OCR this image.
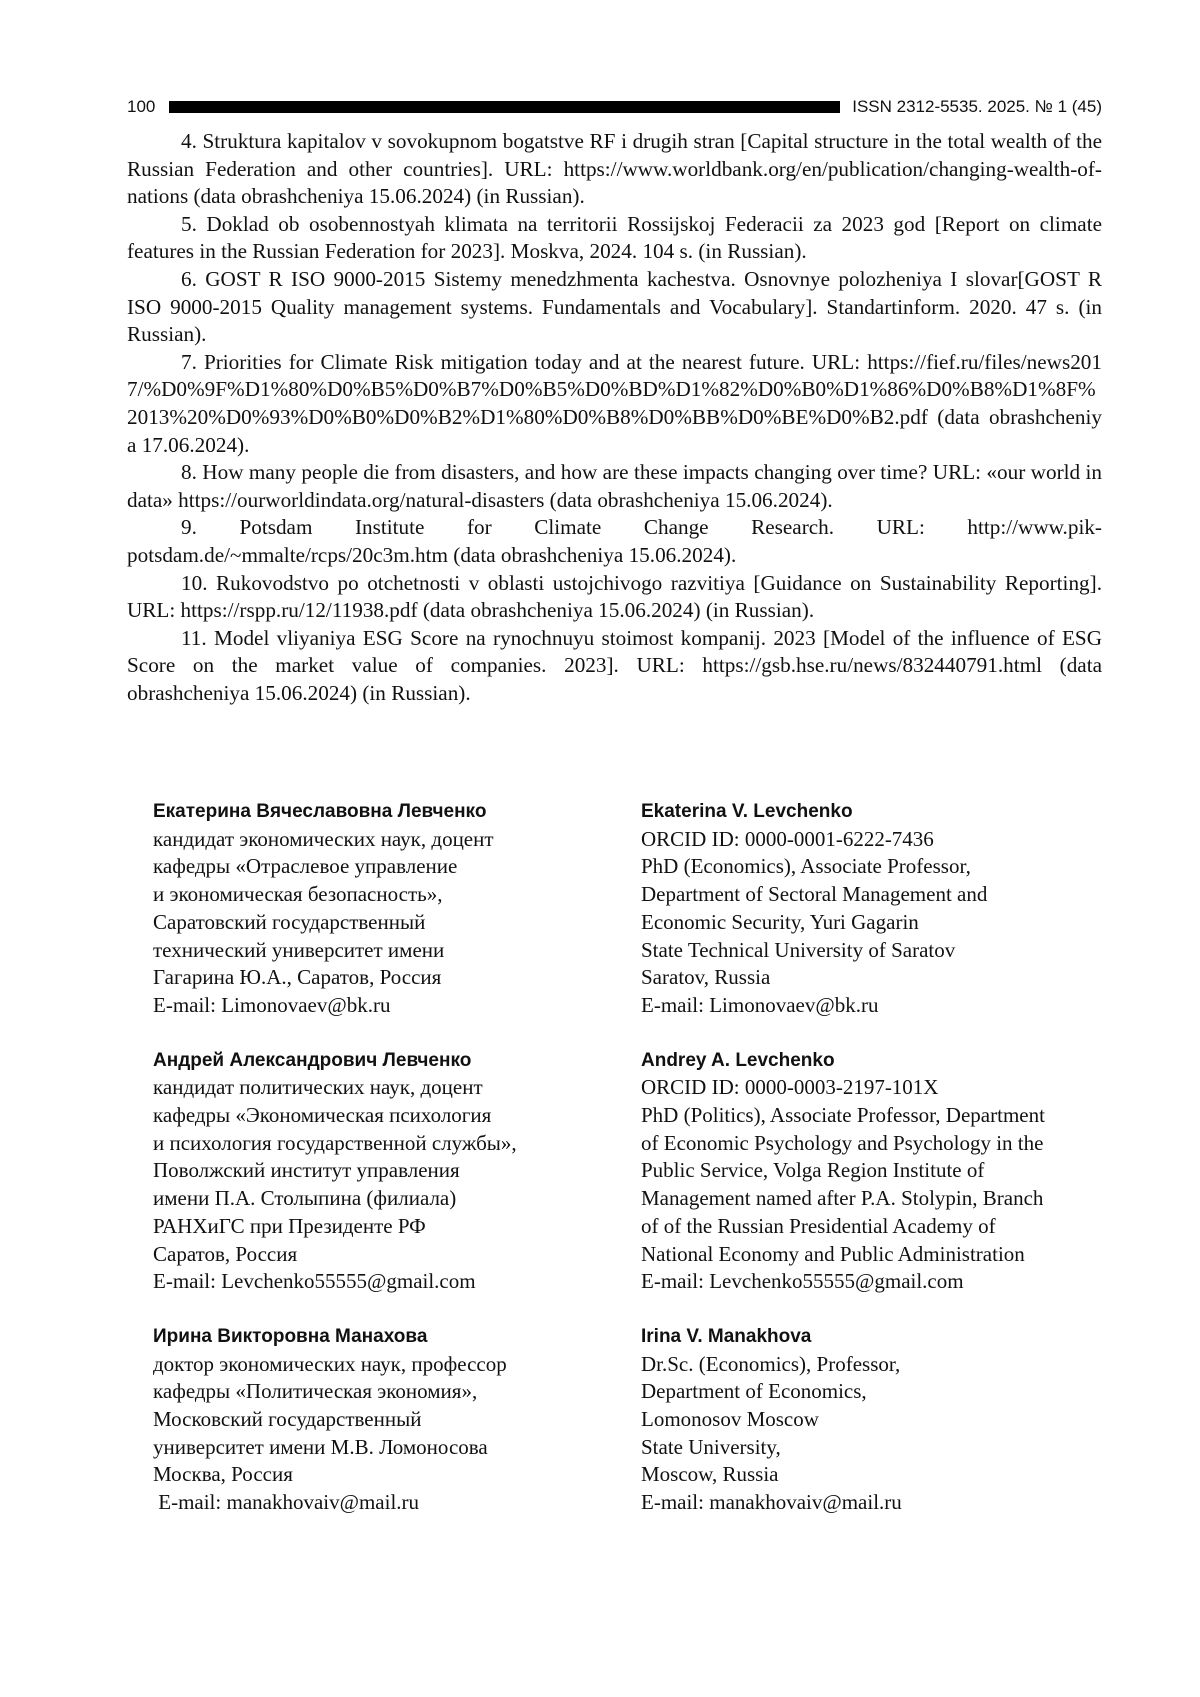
100	ISSN 2312-5535. 2025. № 1 (45)

4. Struktura kapitalov v sovokupnom bogatstve RF i drugih stran [Capital structure in the total wealth of the Russian Federation and other countries]. URL: https://www.worldbank.org/en/publication/changing-wealth-of-nations (data obrashcheniya 15.06.2024) (in Russian).

5. Doklad ob osobennostyah klimata na territorii Rossijskoj Federacii za 2023 god [Report on climate features in the Russian Federation for 2023]. Moskva, 2024. 104 s. (in Russian).

6. GOST R ISO 9000-2015 Sistemy menedzhmenta kachestva. Osnovnye polozheniya I slovar[GOST R ISO 9000-2015 Quality management systems. Fundamentals and Vocabulary]. Standartinform. 2020. 47 s. (in Russian).

7. Priorities for Climate Risk mitigation today and at the nearest future. URL: https://fief.ru/files/news2017/%D0%9F%D1%80%D0%B5%D0%B7%D0%B5%D0%BD%D1%82%D0%B0%D1%86%D0%B8%D1%8F%2013%20%D0%93%D0%B0%D0%B2%D1%80%D0%B8%D0%BB%D0%BE%D0%B2.pdf (data obrashcheniya 17.06.2024).

8. How many people die from disasters, and how are these impacts changing over time? URL: «our world in data» https://ourworldindata.org/natural-disasters (data obrashcheniya 15.06.2024).

9. Potsdam Institute for Climate Change Research. URL: http://www.pik-potsdam.de/~mmalte/rcps/20c3m.htm (data obrashcheniya 15.06.2024).

10. Rukovodstvo po otchetnosti v oblasti ustojchivogo razvitiya [Guidance on Sustainability Reporting]. URL: https://rspp.ru/12/11938.pdf (data obrashcheniya 15.06.2024) (in Russian).

11. Model vliyaniya ESG Score na rynochnuyu stoimost kompanij. 2023 [Model of the influence of ESG Score on the market value of companies. 2023]. URL: https://gsb.hse.ru/news/832440791.html (data obrashcheniya 15.06.2024) (in Russian).

Екатерина Вячеславовна Левченко
кандидат экономических наук, доцент
кафедры «Отраслевое управление
и экономическая безопасность»,
Саратовский государственный
технический университет имени
Гагарина Ю.А., Саратов, Россия
E-mail: Limonovaev@bk.ru
Ekaterina V. Levchenko
ORCID ID: 0000-0001-6222-7436
PhD (Economics), Associate Professor,
Department of Sectoral Management and
Economic Security, Yuri Gagarin
State Technical University of Saratov
Saratov, Russia
E-mail: Limonovaev@bk.ru
Андрей Александрович Левченко
кандидат политических наук, доцент
кафедры «Экономическая психология
и психология государственной службы»,
Поволжский институт управления
имени П.А. Столыпина (филиала)
РАНХиГС при Президенте РФ
Саратов, Россия
E-mail: Levchenko55555@gmail.com
Andrey A. Levchenko
ORCID ID: 0000-0003-2197-101X
PhD (Politics), Associate Professor, Department
of Economic Psychology and Psychology in the
Public Service, Volga Region Institute of
Management named after P.A. Stolypin, Branch
of of the Russian Presidential Academy of
National Economy and Public Administration
E-mail: Levchenko55555@gmail.com
Ирина Викторовна Манахова
доктор экономических наук, профессор
кафедры «Политическая экономия»,
Московский государственный
университет имени М.В. Ломоносова
Москва, Россия
E-mail: manakhovaiv@mail.ru
Irina V. Manakhova
Dr.Sc. (Economics), Professor,
Department of Economics,
Lomonosov Moscow
State University,
Moscow, Russia
E-mail: manakhovaiv@mail.ru
